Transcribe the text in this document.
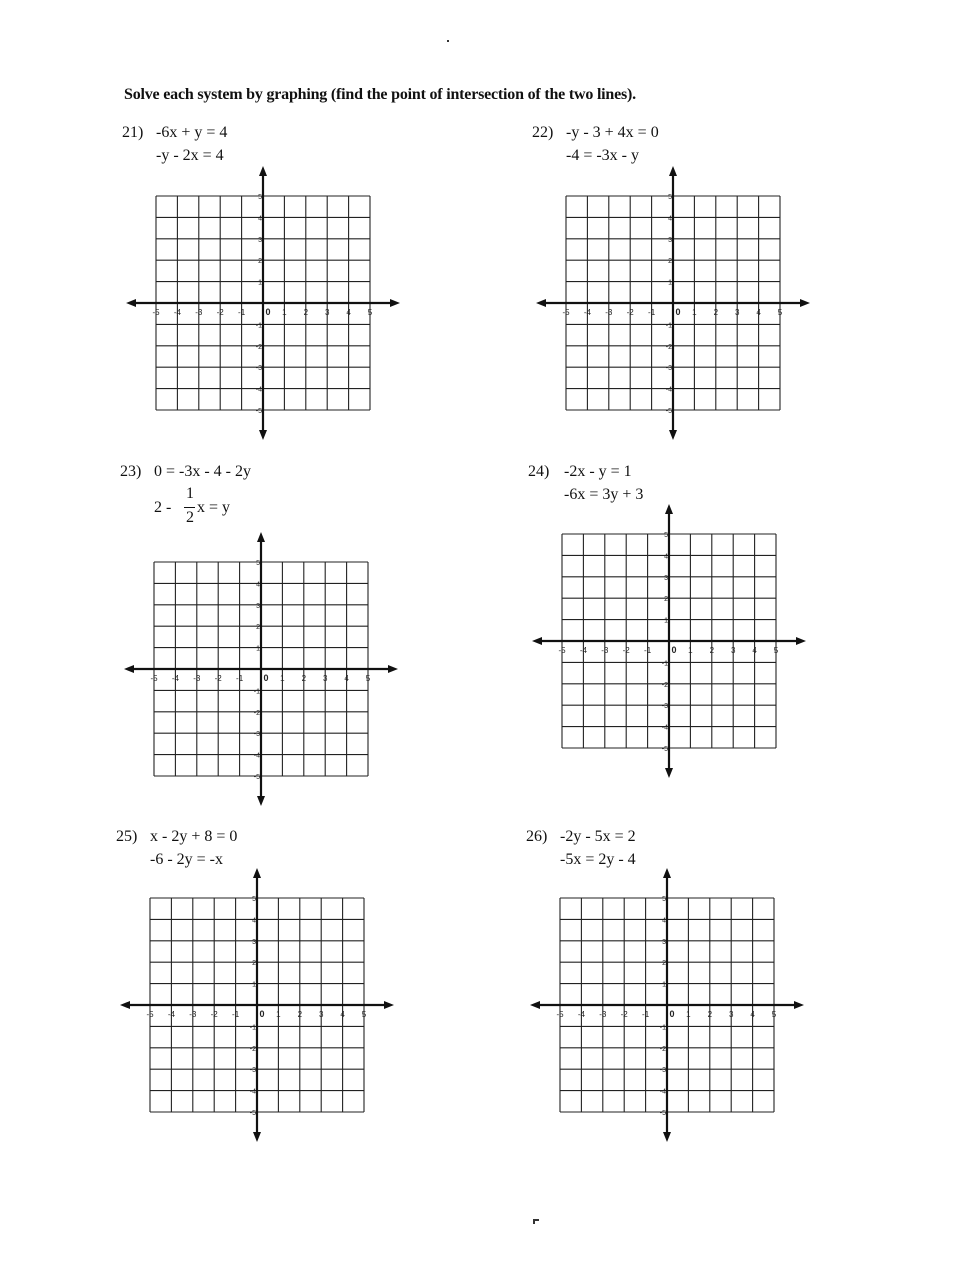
Solve each system by graphing (find the point of intersection of the two lines).
21) -6x + y = 4
-y - 2x = 4
-5 -4 -3 -2 -1 0 1 2 3 4 5
5
4
3
2
1
-1
-2
-3
-4
-5
22) -y - 3 + 4x = 0
-4 = -3x - y
-5 -4 -3 -2 -1 0 1 2 3 4 5
5
4
3
2
1
-1
-2
-3
-4
-5
23) 0 = -3x - 4 - 2y
2 -
1
2
x = y
-5 -4 -3 -2 -1 0 1 2 3 4 5
5
4
3
2
1
-1
-2
-3
-4
-5
24) -2x - y = 1
-6x = 3y + 3
-5 -4 -3 -2 -1 0 1 2 3 4 5
5
4
3
2
1
-1
-2
-3
-4
-5
25) x - 2y + 8 = 0
-6 - 2y = -x
-5 -4 -3 -2 -1 0 1 2 3 4 5
5
4
3
2
1
-1
-2
-3
-4
-5
26) -2y - 5x = 2
-5x = 2y - 4
-5 -4 -3 -2 -1 0 1 2 3 4 5
5
4
3
2
1
-1
-2
-3
-4
-5
